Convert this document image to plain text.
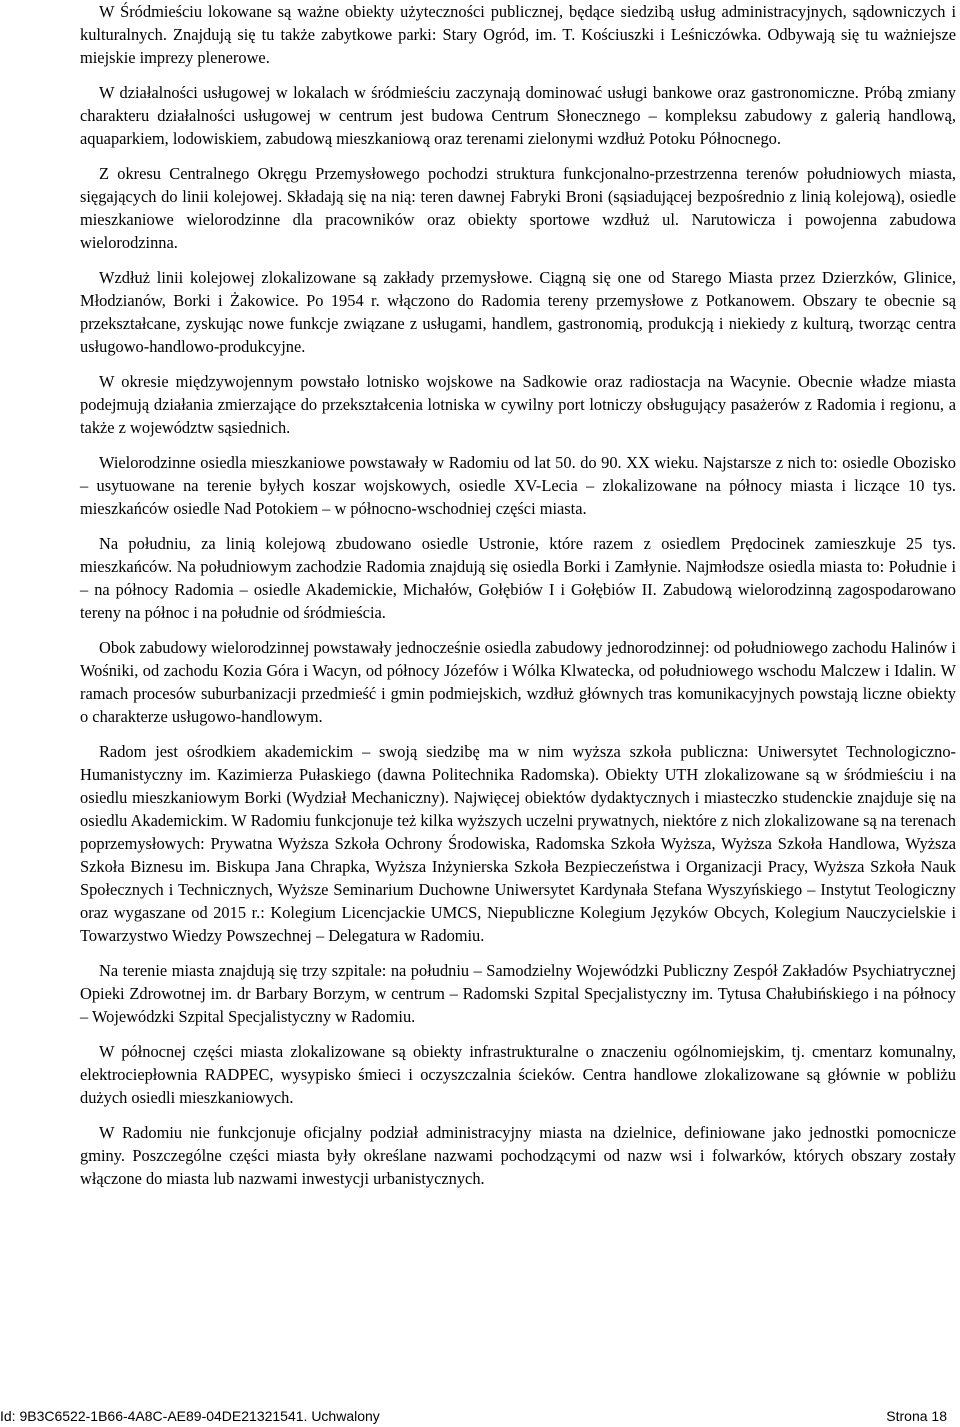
W Śródmieściu lokowane są ważne obiekty użyteczności publicznej, będące siedzibą usług administracyjnych, sądowniczych i kulturalnych. Znajdują się tu także zabytkowe parki: Stary Ogród, im. T. Kościuszki i Leśniczówka. Odbywają się tu ważniejsze miejskie imprezy plenerowe.

W działalności usługowej w lokalach w śródmieściu zaczynają dominować usługi bankowe oraz gastronomiczne. Próbą zmiany charakteru działalności usługowej w centrum jest budowa Centrum Słonecznego – kompleksu zabudowy z galerią handlową, aquaparkiem, lodowiskiem, zabudową mieszkaniową oraz terenami zielonymi wzdłuż Potoku Północnego.

Z okresu Centralnego Okręgu Przemysłowego pochodzi struktura funkcjonalno-przestrzenna terenów południowych miasta, sięgających do linii kolejowej. Składają się na nią: teren dawnej Fabryki Broni (sąsiadującej bezpośrednio z linią kolejową), osiedle mieszkaniowe wielorodzinne dla pracowników oraz obiekty sportowe wzdłuż ul. Narutowicza i powojenna zabudowa wielorodzinna.

Wzdłuż linii kolejowej zlokalizowane są zakłady przemysłowe. Ciągną się one od Starego Miasta przez Dzierzków, Glinice, Młodzianów, Borki i Żakowice. Po 1954 r. włączono do Radomia tereny przemysłowe z Potkanowem. Obszary te obecnie są przekształcane, zyskując nowe funkcje związane z usługami, handlem, gastronomią, produkcją i niekiedy z kulturą, tworząc centra usługowo-handlowo-produkcyjne.

W okresie międzywojennym powstało lotnisko wojskowe na Sadkowie oraz radiostacja na Wacynie. Obecnie władze miasta podejmują działania zmierzające do przekształcenia lotniska w cywilny port lotniczy obsługujący pasażerów z Radomia i regionu, a także z województw sąsiednich.

Wielorodzinne osiedla mieszkaniowe powstawały w Radomiu od lat 50. do 90. XX wieku. Najstarsze z nich to: osiedle Obozisko – usytuowane na terenie byłych koszar wojskowych, osiedle XV-Lecia – zlokalizowane na północy miasta i liczące 10 tys. mieszkańców osiedle Nad Potokiem – w północno-wschodniej części miasta.

Na południu, za linią kolejową zbudowano osiedle Ustronie, które razem z osiedlem Prędocinek zamieszkuje 25 tys. mieszkańców. Na południowym zachodzie Radomia znajdują się osiedla Borki i Zamłynie. Najmłodsze osiedla miasta to: Południe i – na północy Radomia – osiedle Akademickie, Michałów, Gołębiów I i Gołębiów II. Zabudową wielorodzinną zagospodarowano tereny na północ i na południe od śródmieścia.

Obok zabudowy wielorodzinnej powstawały jednocześnie osiedla zabudowy jednorodzinnej: od południowego zachodu Halinów i Wośniki, od zachodu Kozia Góra i Wacyn, od północy Józefów i Wólka Klwatecka, od południowego wschodu Malczew i Idalin. W ramach procesów suburbanizacji przedmieść i gmin podmiejskich, wzdłuż głównych tras komunikacyjnych powstają liczne obiekty o charakterze usługowo-handlowym.

Radom jest ośrodkiem akademickim – swoją siedzibę ma w nim wyższa szkoła publiczna: Uniwersytet Technologiczno-Humanistyczny im. Kazimierza Pułaskiego (dawna Politechnika Radomska). Obiekty UTH zlokalizowane są w śródmieściu i na osiedlu mieszkaniowym Borki (Wydział Mechaniczny). Najwięcej obiektów dydaktycznych i miasteczko studenckie znajduje się na osiedlu Akademickim. W Radomiu funkcjonuje też kilka wyższych uczelni prywatnych, niektóre z nich zlokalizowane są na terenach poprzemysłowych: Prywatna Wyższa Szkoła Ochrony Środowiska, Radomska Szkoła Wyższa, Wyższa Szkoła Handlowa, Wyższa Szkoła Biznesu im. Biskupa Jana Chrapka, Wyższa Inżynierska Szkoła Bezpieczeństwa i Organizacji Pracy, Wyższa Szkoła Nauk Społecznych i Technicznych, Wyższe Seminarium Duchowne Uniwersytet Kardynała Stefana Wyszyńskiego – Instytut Teologiczny oraz wygaszane od 2015 r.: Kolegium Licencjackie UMCS, Niepubliczne Kolegium Języków Obcych, Kolegium Nauczycielskie i Towarzystwo Wiedzy Powszechnej – Delegatura w Radomiu.

Na terenie miasta znajdują się trzy szpitale: na południu – Samodzielny Wojewódzki Publiczny Zespół Zakładów Psychiatrycznej Opieki Zdrowotnej im. dr Barbary Borzym, w centrum – Radomski Szpital Specjalistyczny im. Tytusa Chałubińskiego i na północy – Wojewódzki Szpital Specjalistyczny w Radomiu.

W północnej części miasta zlokalizowane są obiekty infrastrukturalne o znaczeniu ogólnomiejskim, tj. cmentarz komunalny, elektrociepłownia RADPEC, wysypisko śmieci i oczyszczalnia ścieków. Centra handlowe zlokalizowane są głównie w pobliżu dużych osiedli mieszkaniowych.

W Radomiu nie funkcjonuje oficjalny podział administracyjny miasta na dzielnice, definiowane jako jednostki pomocnicze gminy. Poszczególne części miasta były określane nazwami pochodzącymi od nazw wsi i folwarków, których obszary zostały włączone do miasta lub nazwami inwestycji urbanistycznych.

Id: 9B3C6522-1B66-4A8C-AE89-04DE21321541. Uchwalony	Strona 18
